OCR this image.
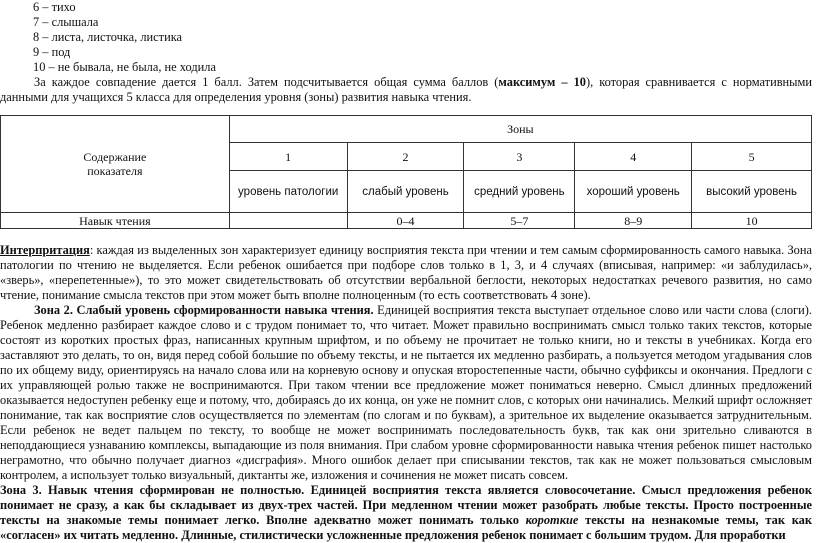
6 – тихо
7 – слышала
8 – листа, листочка, листика
9 – под
10 – не бывала, не была, не ходила

За каждое совпадение дается 1 балл. Затем подсчитывается общая сумма баллов (максимум – 10), которая сравнивается с нормативными данными для учащихся 5 класса для определения уровня (зоны) развития навыка чтения.

Содержание показателя	Зоны				
	1	2	3	4	5
	уровень патологии	слабый уровень	средний уровень	хороший уровень	высокий уровень
Навык чтения		0–4	5–7	8–9	10

Интерпритация: каждая из выделенных зон характеризует единицу восприятия текста при чтении и тем самым сформированность самого навыка. Зона патологии по чтению не выделяется. Если ребенок ошибается при подборе слов только в 1, 3, и 4 случаях (вписывая, например: «и заблудилась», «зверь», «перепетенные»), то это может свидетельствовать об отсутствии вербальной беглости, некоторых недостатках речевого развития, но само чтение, понимание смысла текстов при этом может быть вполне полноценным (то есть соответствовать 4 зоне).

Зона 2. Слабый уровень сформированности навыка чтения. Единицей восприятия текста выступает отдельное слово или части слова (слоги). Ребенок медленно разбирает каждое слово и с трудом понимает то, что читает. Может правильно воспринимать смысл только таких текстов, которые состоят из коротких простых фраз, написанных крупным шрифтом, и по объему не прочитает не только книги, но и тексты в учебниках. Когда его заставляют это делать, то он, видя перед собой большие по объему тексты, и не пытается их медленно разбирать, а пользуется методом угадывания слов по их общему виду, ориентируясь на начало слова или на корневую основу и опуская второстепенные части, обычно суффиксы и окончания. Предлоги с их управляющей ролью также не воспринимаются. При таком чтении все предложение может пониматься неверно. Смысл длинных предложений оказывается недоступен ребенку еще и потому, что, добираясь до их конца, он уже не помнит слов, с которых они начинались. Мелкий шрифт осложняет понимание, так как восприятие слов осуществляется по элементам (по слогам и по буквам), а зрительное их выделение оказывается затруднительным. Если ребенок не ведет пальцем по тексту, то вообще не может воспринимать последовательность букв, так как они зрительно сливаются в неподдающиеся узнаванию комплексы, выпадающие из поля внимания. При слабом уровне сформированности навыка чтения ребенок пишет настолько неграмотно, что обычно получает диагноз «дисграфия». Много ошибок делает при списывании текстов, так как не может пользоваться смысловым контролем, а использует только визуальный, диктанты же, изложения и сочинения не может писать совсем.

Зона 3. Навык чтения сформирован не полностью. Единицей восприятия текста является словосочетание. Смысл предложения ребенок понимает не сразу, а как бы складывает из двух-трех частей. При медленном чтении может разобрать любые тексты. Просто построенные тексты на знакомые темы понимает легко. Вполне адекватно может понимать только короткие тексты на незнакомые темы, так как «согласен» их читать медленно. Длинные, стилистически усложненные предложения ребенок понимает с большим трудом. Для проработки
